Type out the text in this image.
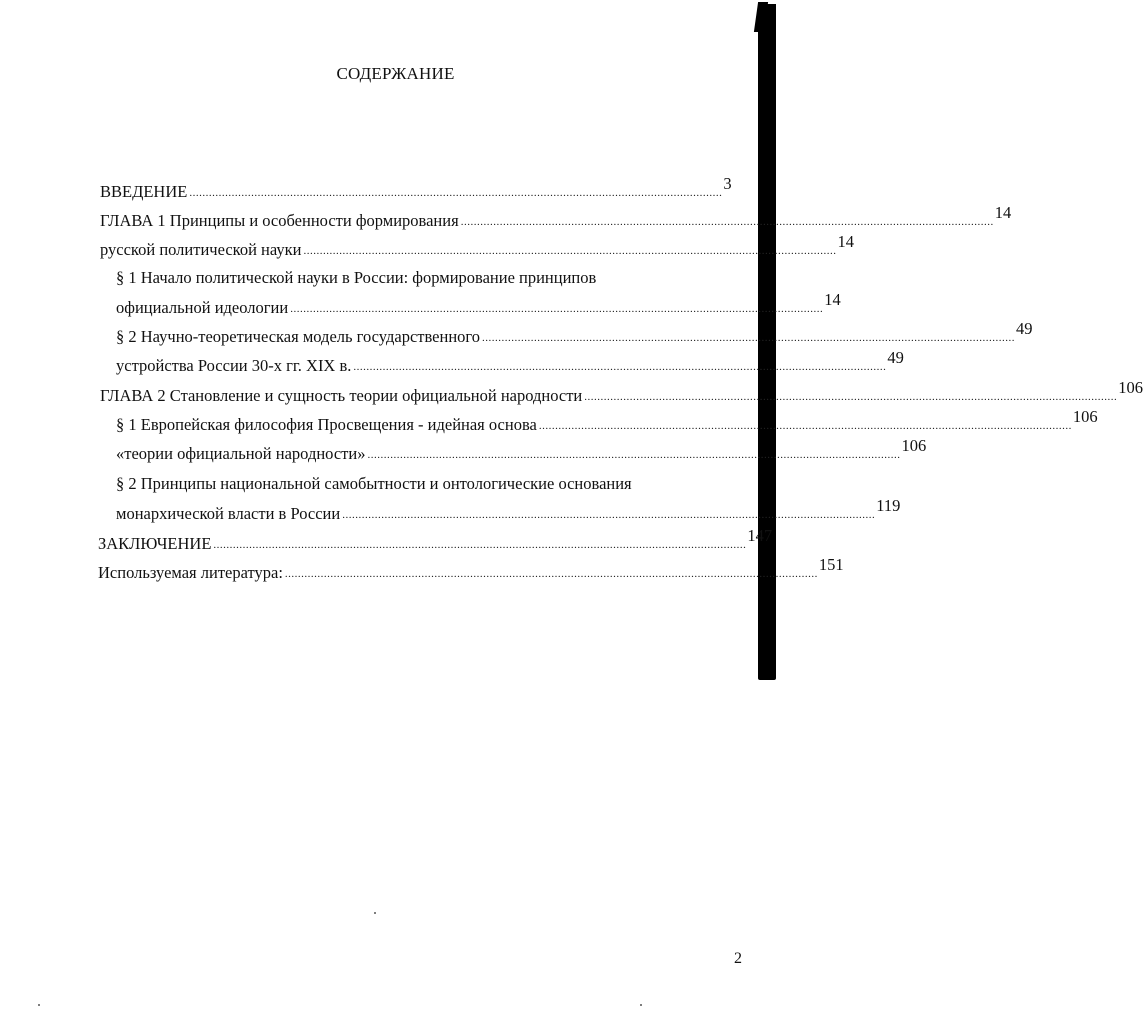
СОДЕРЖАНИЕ
ВВЕДЕНИЕ .................................................................................................................................................................... 3
ГЛАВА 1 Принципы и особенности формирования .................................................................................................................................................................... 14
русской политической науки .................................................................................................................................................................... 14
§ 1 Начало политической науки в России: формирование принципов
официальной идеологии .................................................................................................................................................................... 14
§ 2 Научно-теоретическая модель государственного .................................................................................................................................................................... 49
устройства России 30-х гг. XIX в. .................................................................................................................................................................... 49
ГЛАВА 2 Становление и сущность теории официальной народности .................................................................................................................................................................... 106
§ 1 Европейская философия Просвещения - идейная основа .................................................................................................................................................................... 106
«теории официальной народности» .................................................................................................................................................................... 106
§ 2 Принципы национальной самобытности и онтологические основания
монархической власти в России .................................................................................................................................................................... 119
ЗАКЛЮЧЕНИЕ .................................................................................................................................................................... 147
Используемая литература: .................................................................................................................................................................... 151
2
